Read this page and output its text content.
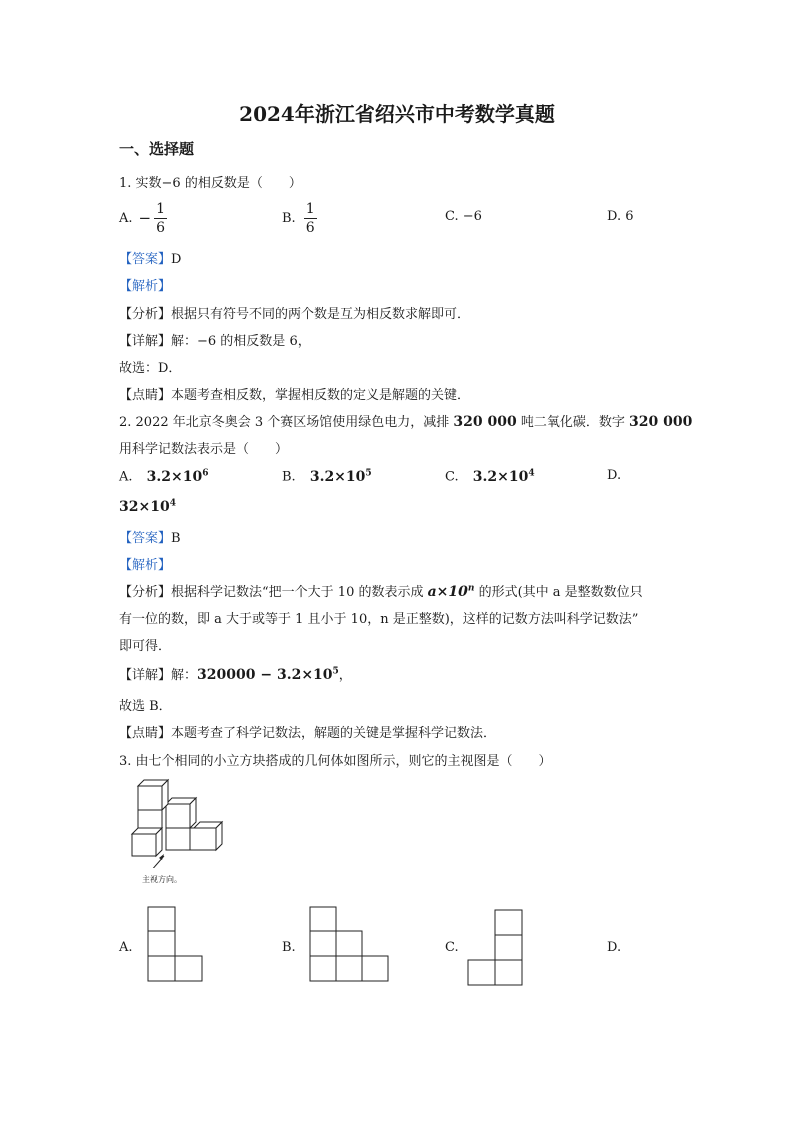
2024年浙江省绍兴市中考数学真题
一、选择题
1. 实数−6 的相反数是（　　）
A. − $\frac{1}{6}$	B. $\frac{1}{6}$	C. −6	D. 6
【答案】D
【解析】
【分析】根据只有符号不同的两个数是互为相反数求解即可．
【详解】解：−6 的相反数是 6，
故选：D．
【点睛】本题考查相反数，掌握相反数的定义是解题的关键．
2. 2022 年北京冬奥会 3 个赛区场馆使用绿色电力，减排 320 000 吨二氧化碳．数字 320 000
用科学记数法表示是（　　）
A. $3.2\times 10^6$	B. $3.2\times 10^5$	C. $3.2\times 10^4$	D.
$32\times 10^4$
【答案】B
【解析】
【分析】根据科学记数法“把一个大于 10 的数表示成 $a\times 10^n$ 的形式(其中 a 是整数数位只
有一位的数，即 a 大于或等于 1 且小于 10，n 是正整数)，这样的记数方法叫科学记数法”
即可得．
【详解】解：$320000 - 3.2\times 10^5$，
故选 B．
【点睛】本题考查了科学记数法，解题的关键是掌握科学记数法．
3. 由七个相同的小立方块搭成的几何体如图所示，则它的主视图是（　　）
主视方向。
A.	B.	C.	D.
